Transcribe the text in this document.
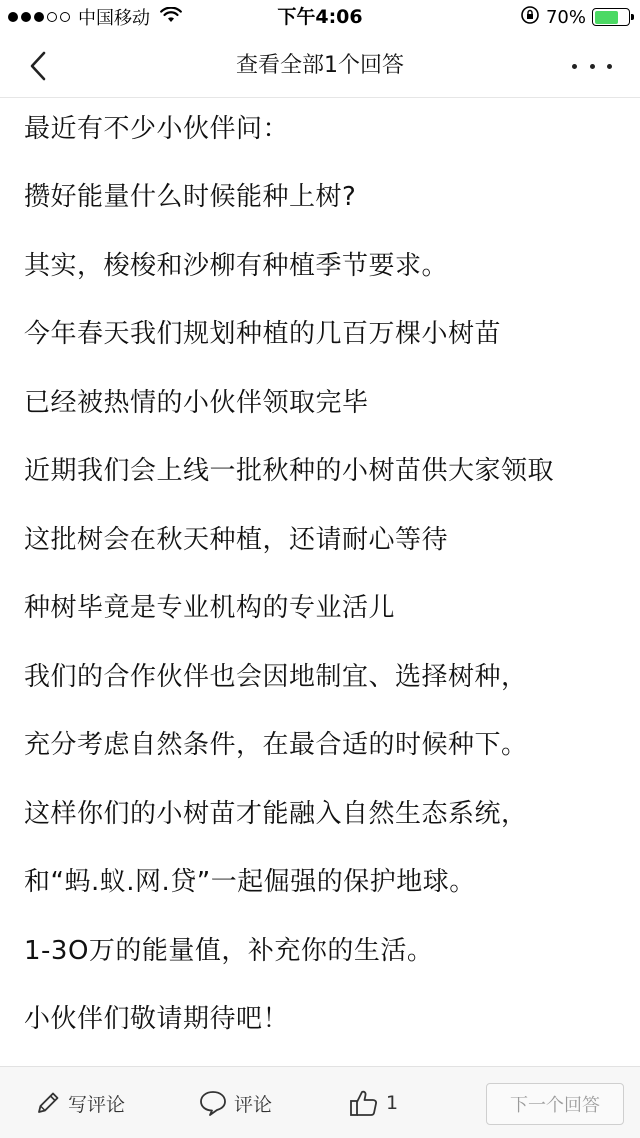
中国移动	下午4:06	70%
查看全部1个回答
最近有不少小伙伴问：
攒好能量什么时候能种上树?
其实，梭梭和沙柳有种植季节要求。
今年春天我们规划种植的几百万棵小树苗
已经被热情的小伙伴领取完毕
近期我们会上线一批秋种的小树苗供大家领取
这批树会在秋天种植，还请耐心等待
种树毕竟是专业机构的专业活儿
我们的合作伙伴也会因地制宜、选择树种，
充分考虑自然条件，在最合适的时候种下。
这样你们的小树苗才能融入自然生态系统，
和“蚂.蚁.网.贷”一起倔强的保护地球。
1-3O万的能量值，补充你的生活。
小伙伴们敬请期待吧！
写评论	评论	1	下一个回答
